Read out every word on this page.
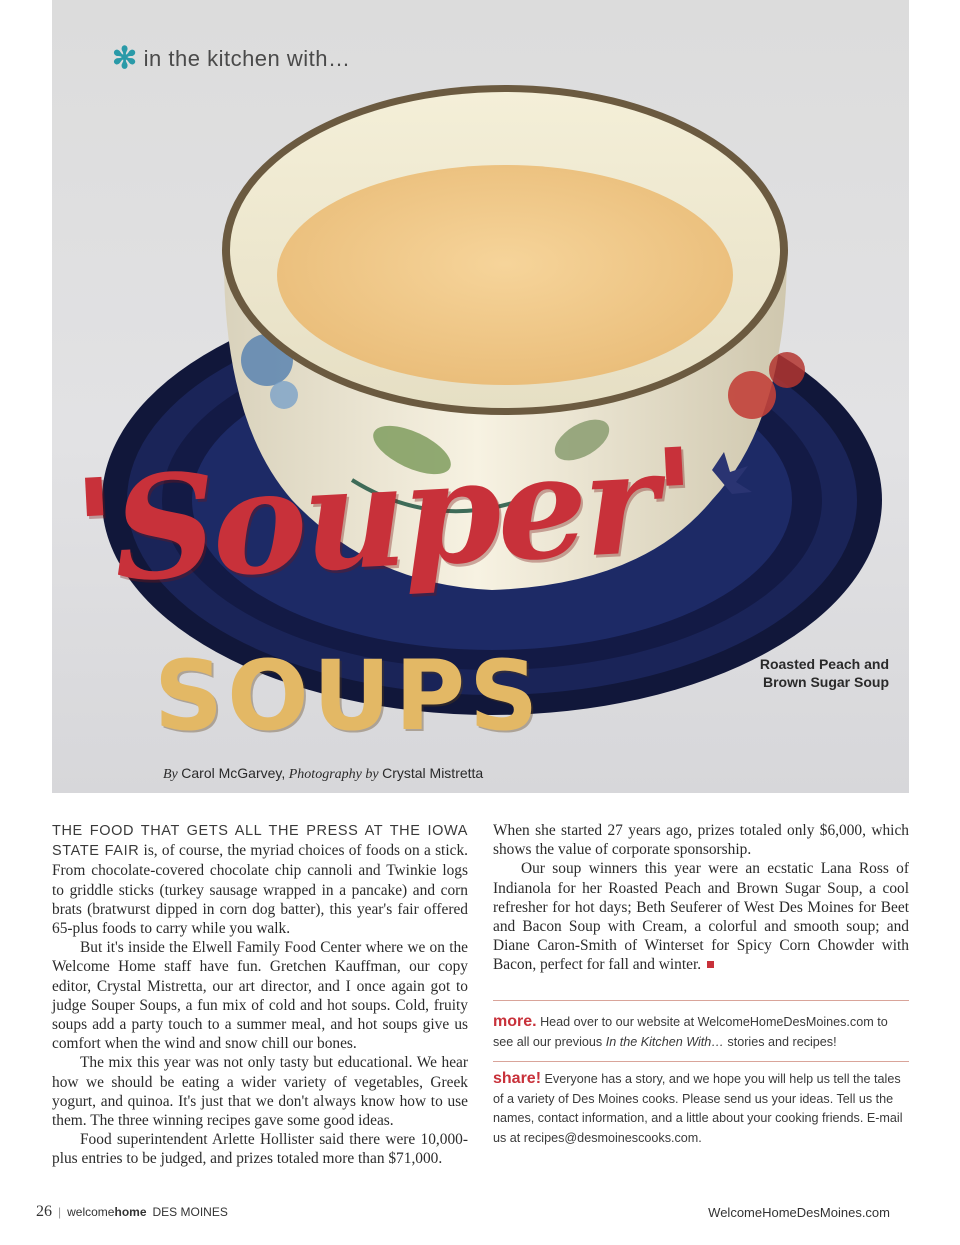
✻ in the kitchen with…
Roasted Peach and Brown Sugar Soup
'Souper'
SOUPS
By Carol McGarvey, Photography by Crystal Mistretta

THE FOOD THAT GETS ALL THE PRESS AT THE IOWA STATE FAIR is, of course, the myriad choices of foods on a stick. From chocolate-covered chocolate chip cannoli and Twinkie logs to griddle sticks (turkey sausage wrapped in a pancake) and corn brats (bratwurst dipped in corn dog batter), this year's fair offered 65-plus foods to carry while you walk.

But it's inside the Elwell Family Food Center where we on the Welcome Home staff have fun. Gretchen Kauffman, our copy editor, Crystal Mistretta, our art director, and I once again got to judge Souper Soups, a fun mix of cold and hot soups. Cold, fruity soups add a party touch to a summer meal, and hot soups give us comfort when the wind and snow chill our bones.

The mix this year was not only tasty but educational. We hear how we should be eating a wider variety of vegetables, Greek yogurt, and quinoa. It's just that we don't always know how to use them. The three winning recipes gave some good ideas.

Food superintendent Arlette Hollister said there were 10,000-plus entries to be judged, and prizes totaled more than $71,000.

When she started 27 years ago, prizes totaled only $6,000, which shows the value of corporate sponsorship.

Our soup winners this year were an ecstatic Lana Ross of Indianola for her Roasted Peach and Brown Sugar Soup, a cool refresher for hot days; Beth Seuferer of West Des Moines for Beet and Bacon Soup with Cream, a colorful and smooth soup; and Diane Caron-Smith of Winterset for Spicy Corn Chowder with Bacon, perfect for fall and winter.

more. Head over to our website at WelcomeHomeDesMoines.com to see all our previous In the Kitchen With… stories and recipes!
share! Everyone has a story, and we hope you will help us tell the tales of a variety of Des Moines cooks. Please send us your ideas. Tell us the names, contact information, and a little about your cooking friends. E-mail us at recipes@desmoinescooks.com.
26 | welcomehome DES MOINES	WelcomeHomeDesMoines.com
